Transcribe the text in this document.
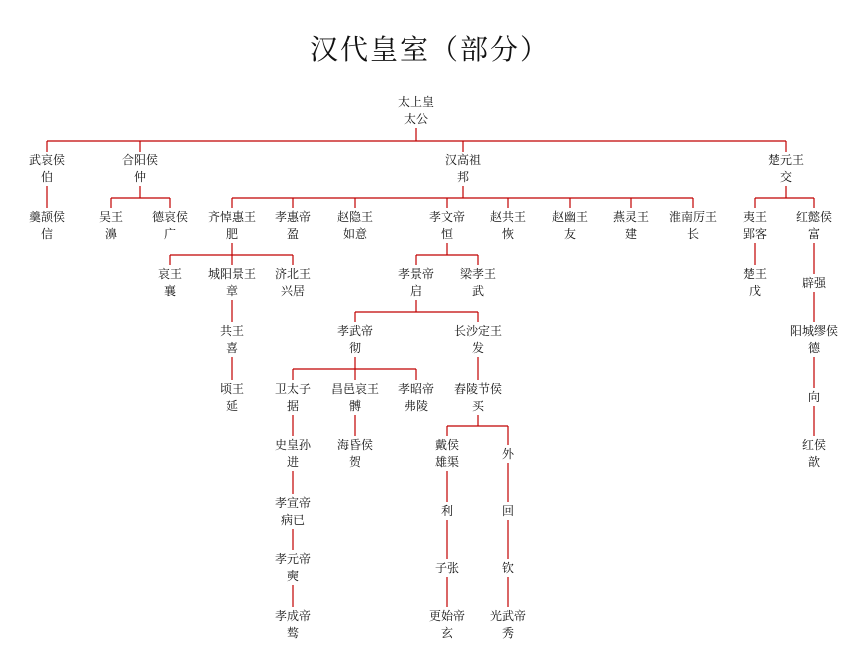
汉代皇室（部分）
太上皇
太公
武哀侯
伯
合阳侯
仲
汉高祖
邦
楚元王
交
羹颉侯
信
吴王
濞
德哀侯
广
齐悼惠王
肥
孝惠帝
盈
赵隐王
如意
孝文帝
恒
赵共王
恢
赵幽王
友
燕灵王
建
淮南厉王
长
夷王
郢客
红懿侯
富
哀王
襄
城阳景王
章
济北王
兴居
孝景帝
启
梁孝王
武
楚王
戊
辟强
共王
喜
孝武帝
彻
长沙定王
发
阳城缪侯
德
顷王
延
卫太子
据
昌邑哀王
髆
孝昭帝
弗陵
舂陵节侯
买
向
史皇孙
进
海昏侯
贺
戴侯
雄渠
外
红侯
歆
孝宣帝
病已
利	回
孝元帝
奭
子张	钦
孝成帝
骜
更始帝
玄
光武帝
秀
